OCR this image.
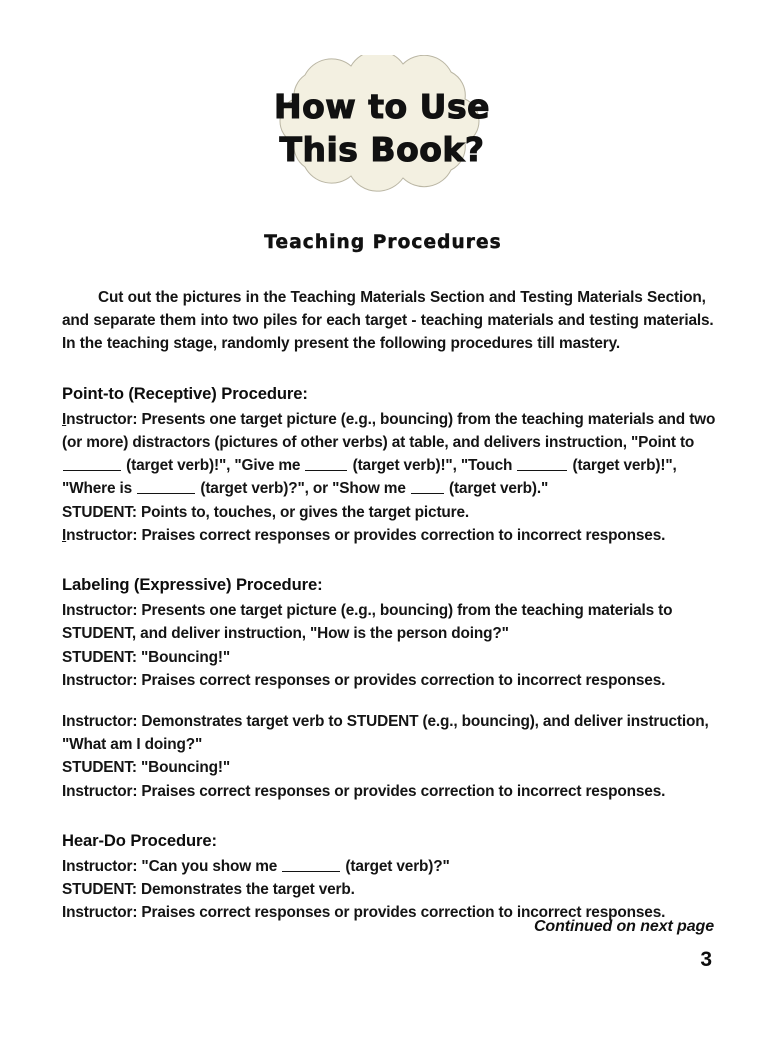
How to Use
This Book?
Teaching Procedures

Cut out the pictures in the Teaching Materials Section and Testing Materials Section, and separate them into two piles for each target - teaching materials and testing materials. In the teaching stage, randomly present the following procedures till mastery.

Point-to (Receptive) Procedure:

Instructor: Presents one target picture (e.g., bouncing) from the teaching materials and two (or more) distractors (pictures of other verbs) at table, and delivers instruction, "Point to  (target verb)!", "Give me	(target verb)!", "Touch	(target verb)!", "Where is	(target verb)?", or "Show me  (target verb)."

STUDENT: Points to, touches, or gives the target picture.

Instructor: Praises correct responses or provides correction to incorrect responses.

Labeling (Expressive) Procedure:

Instructor: Presents one target picture (e.g., bouncing) from the teaching materials to STUDENT, and deliver instruction, "How is the person doing?"

STUDENT: "Bouncing!"

Instructor: Praises correct responses or provides correction to incorrect responses.

Instructor: Demonstrates target verb to STUDENT (e.g., bouncing), and deliver instruction, "What am I doing?"

STUDENT: "Bouncing!"

Instructor: Praises correct responses or provides correction to incorrect responses.

Hear-Do Procedure:

Instructor: "Can you show me	(target verb)?"

STUDENT: Demonstrates the target verb.

Instructor: Praises correct responses or provides correction to incorrect responses.

Continued on next page
3
